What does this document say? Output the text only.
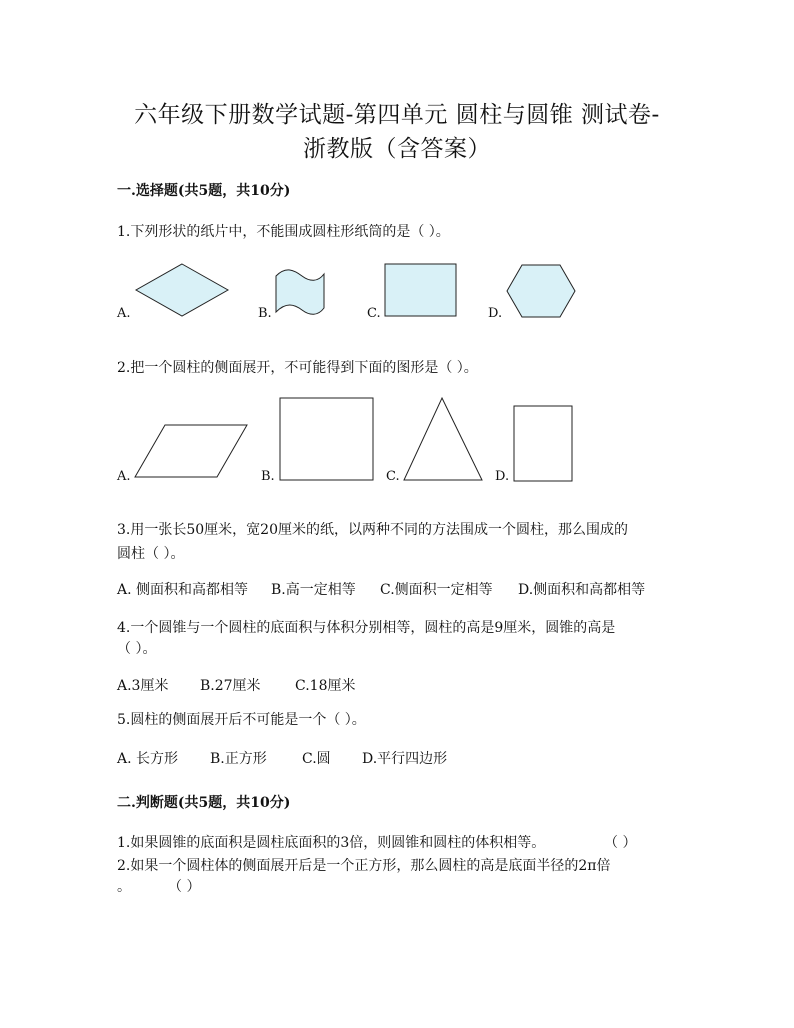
六年级下册数学试题-第四单元 圆柱与圆锥 测试卷-
浙教版（含答案）
一.选择题(共5题，共10分)
1.下列形状的纸片中，不能围成圆柱形纸筒的是（ ）。
A.	B.	C.	D.
2.把一个圆柱的侧面展开，不可能得到下面的图形是（ ）。
A.	B.	C.	D.
3.用一张长50厘米，宽20厘米的纸，以两种不同的方法围成一个圆柱，那么围成的
圆柱（ ）。
A. 侧面积和高都相等 B.高一定相等 C.侧面积一定相等 D.侧面积和高都相等
4.一个圆锥与一个圆柱的底面积与体积分别相等，圆柱的高是9厘米，圆锥的高是
（ ）。
A.3厘米 B.27厘米 C.18厘米
5.圆柱的侧面展开后不可能是一个（ ）。
A. 长方形 B.正方形	C.圆 D.平行四边形
二.判断题(共5题，共10分)
1.如果圆锥的底面积是圆柱底面积的3倍，则圆锥和圆柱的体积相等。	（ ）
2.如果一个圆柱体的侧面展开后是一个正方形，那么圆柱的高是底面半径的2π倍
。	（ ）
